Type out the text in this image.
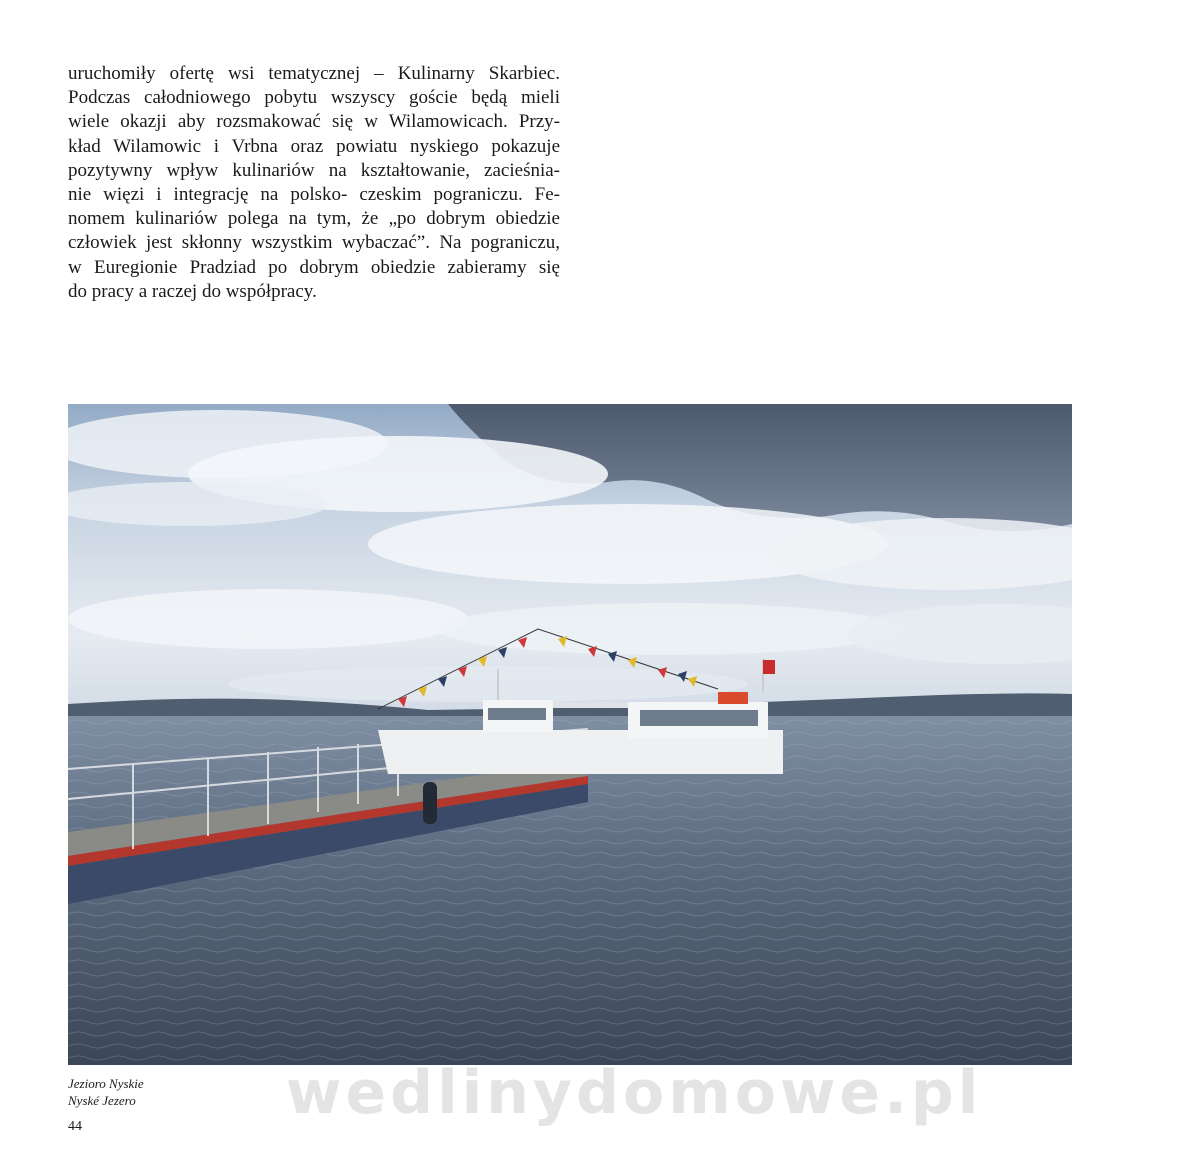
uruchomiły ofertę wsi tematycznej – Kulinarny Skarbiec.
Podczas całodniowego pobytu wszyscy goście będą mieli
wiele okazji aby rozsmakować się w Wilamowicach. Przy-
kład Wilamowic i Vrbna oraz powiatu nyskiego pokazuje
pozytywny wpływ kulinariów na kształtowanie, zacieśnia-
nie więzi i integrację na polsko- czeskim pograniczu. Fe-
nomem kulinariów polega na tym, że „po dobrym obiedzie
człowiek jest skłonny wszystkim wybaczać”. Na pograniczu,
w Euregionie Pradziad po dobrym obiedzie zabieramy się
do pracy a raczej do współpracy.
Jezioro Nyskie
Nyské Jezero
44	wedlinydomowe.pl
